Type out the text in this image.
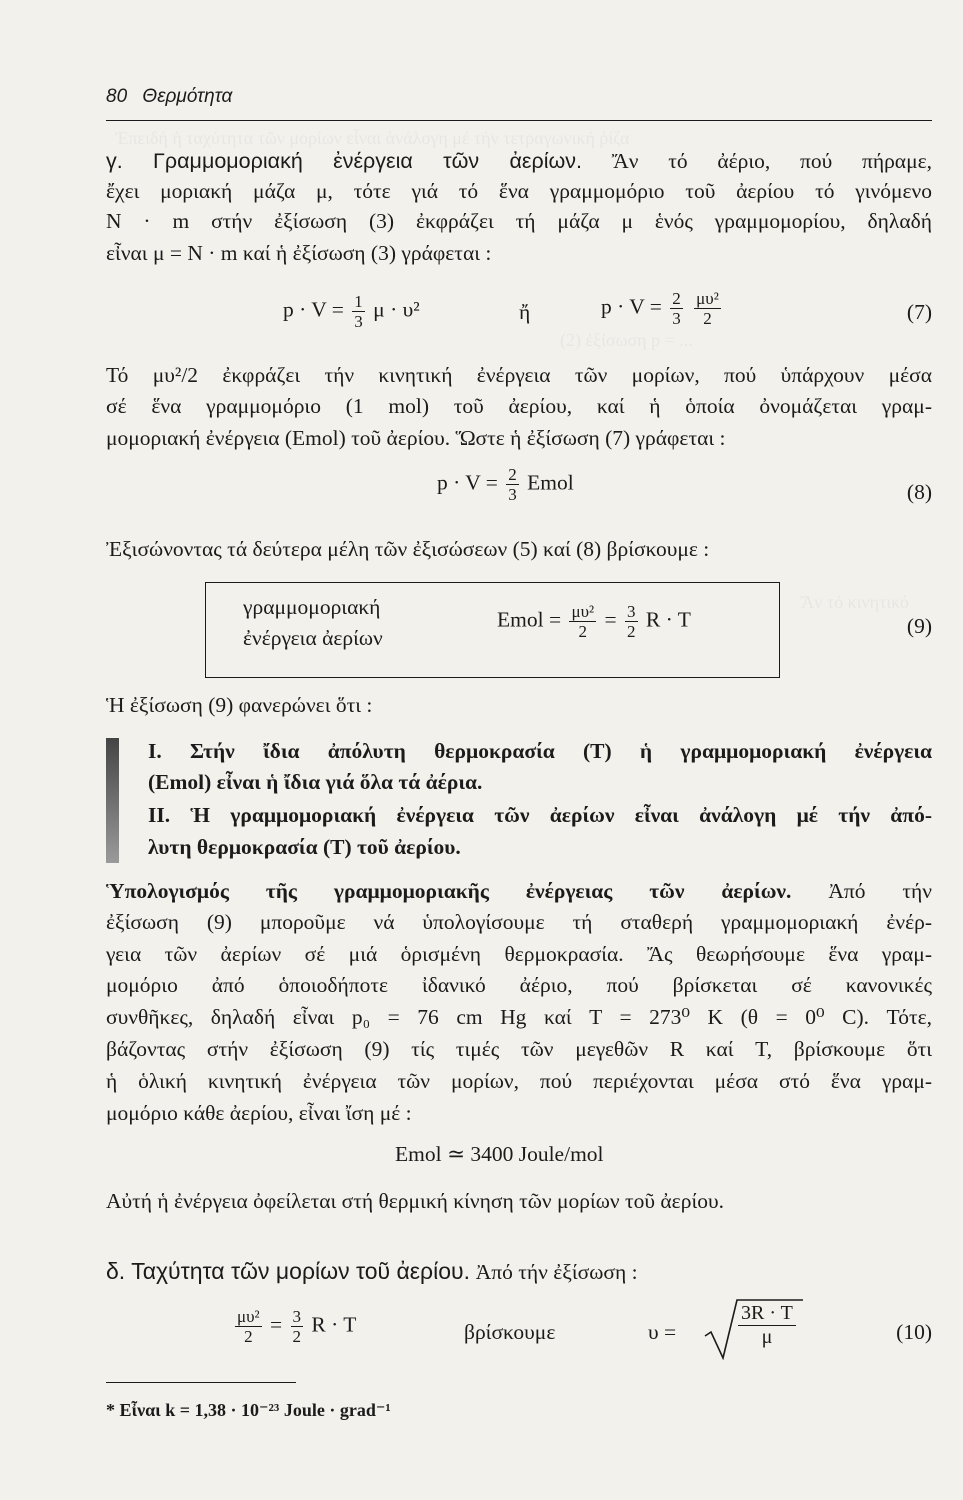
Ἐπειδή ἡ ταχύτητα τῶν μορίων εἶναι ἀνάλογη μέ τήν τετραγωνική ῥίζα
(2) ἐξίσωση p = ...
Ἄν τό κινητικό
80 Θερμότητα
γ. Γραμμομοριακή ἐνέργεια τῶν ἀερίων. Ἄν τό ἀέριο, πού πήραμε,
ἔχει μοριακή μάζα μ, τότε γιά τό ἕνα γραμμομόριο τοῦ ἀερίου τό γινόμενο
N · m στήν ἐξίσωση (3) ἐκφράζει τή μάζα μ ἑνός γραμμομορίου, δηλαδή
εἶναι μ = N · m καί ἡ ἐξίσωση (3) γράφεται :
$p \cdot V = \frac{1}{3}$ μ · υ²	ἤ	$p \cdot V = \frac{2}{3}$
$\frac{\text{μυ²}}{2}$	(7)
Τό μυ²/2 ἐκφράζει τήν κινητική ἐνέργεια τῶν μορίων, πού ὑπάρχουν μέσα
σέ ἕνα γραμμομόριο (1 mol) τοῦ ἀερίου, καί ἡ ὁποία ὀνομάζεται γραμ-
μομοριακή ἐνέργεια (Emol) τοῦ ἀερίου. Ὥστε ἡ ἐξίσωση (7) γράφεται :
$p \cdot V = \frac{2}{3}$ Emol	(8)
Ἐξισώνοντας τά δεύτερα μέλη τῶν ἐξισώσεων (5) καί (8) βρίσκουμε :
γραμμομοριακή
ἐνέργεια ἀερίων
Emol = $\frac{\text{μυ²}}{2} = \frac{3}{2}$ R · T	(9)
Ἡ ἐξίσωση (9) φανερώνει ὅτι :
I. Στήν ἴδια ἀπόλυτη θερμοκρασία (T) ἡ γραμμομοριακή ἐνέργεια
(Emol) εἶναι ἡ ἴδια γιά ὅλα τά ἀέρια.
II. Ἡ γραμμομοριακή ἐνέργεια τῶν ἀερίων εἶναι ἀνάλογη μέ τήν ἀπό-
λυτη θερμοκρασία (T) τοῦ ἀερίου.
Ὑπολογισμός τῆς γραμμομοριακῆς ἐνέργειας τῶν ἀερίων. Ἀπό τήν
ἐξίσωση (9) μποροῦμε νά ὑπολογίσουμε τή σταθερή γραμμομοριακή ἐνέρ-
γεια τῶν ἀερίων σέ μιά ὁρισμένη θερμοκρασία. Ἄς θεωρήσουμε ἕνα γραμ-
μομόριο ἀπό ὁποιοδήποτε ἰδανικό ἀέριο, πού βρίσκεται σέ κανονικές
συνθῆκες, δηλαδή εἶναι p₀ = 76 cm Hg καί T = 273⁰ K (θ = 0⁰ C). Τότε,
βάζοντας στήν ἐξίσωση (9) τίς τιμές τῶν μεγεθῶν R καί T, βρίσκουμε ὅτι
ἡ ὁλική κινητική ἐνέργεια τῶν μορίων, πού περιέχονται μέσα στό ἕνα γραμ-
μομόριο κάθε ἀερίου, εἶναι ἴση μέ :
Emol ≃ 3400 Joule/mol
Αὐτή ἡ ἐνέργεια ὀφείλεται στή θερμική κίνηση τῶν μορίων τοῦ ἀερίου.
δ. Ταχύτητα τῶν μορίων τοῦ ἀερίου. Ἀπό τήν ἐξίσωση :
$\frac{\text{μυ²}}{2} = \frac{3}{2}$ R · T	βρίσκουμε	υ =	$\frac{3R \cdot T}{\mu}$	(10)
* Εἶναι k = 1,38 · 10⁻²³ Joule · grad⁻¹
